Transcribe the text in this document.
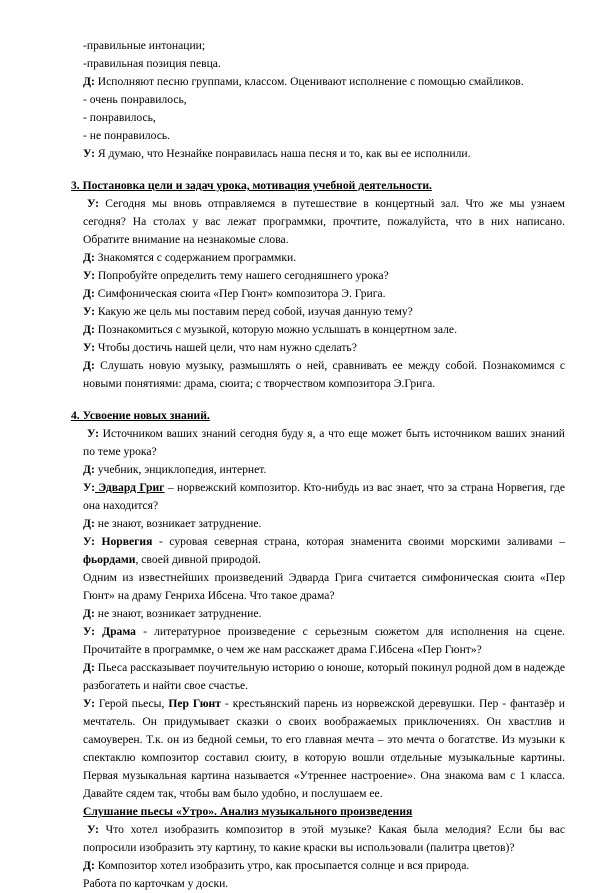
-правильные интонации;

-правильная позиция певца.

Д: Исполняют песню группами, классом. Оценивают исполнение с помощью смайликов.

- очень понравилось,

- понравилось,

- не понравилось.

У: Я думаю, что Незнайке понравилась наша песня и то, как вы ее исполнили.

3. Постановка цели и задач урока, мотивация учебной деятельности.

У: Сегодня мы вновь отправляемся в путешествие в концертный зал. Что же мы узнаем сегодня? На столах у вас лежат программки, прочтите, пожалуйста, что в них написано. Обратите внимание на незнакомые слова.

Д: Знакомятся с содержанием программки.

У: Попробуйте определить тему нашего сегодняшнего урока?

Д: Симфоническая сюита «Пер Гюнт» композитора Э. Грига.

У: Какую же цель мы поставим перед собой, изучая данную тему?

Д: Познакомиться с музыкой, которую можно услышать в концертном зале.

У: Чтобы достичь нашей цели, что нам нужно сделать?

Д: Слушать новую музыку, размышлять о ней, сравнивать ее между собой. Познакомимся с новыми понятиями: драма, сюита; с творчеством композитора Э.Грига.

4. Усвоение новых знаний.

У: Источником ваших знаний сегодня буду я, а что еще может быть источником ваших знаний по теме урока?

Д: учебник, энциклопедия, интернет.

У: Эдвард Григ – норвежский композитор. Кто-нибудь из вас знает, что за страна Норвегия, где она находится?

Д: не знают, возникает затруднение.

У: Норвегия - суровая северная страна, которая знаменита своими морскими заливами – фьордами, своей дивной природой.

Одним из известнейших произведений Эдварда Грига считается симфоническая сюита «Пер Гюнт» на драму Генриха Ибсена. Что такое драма?

Д: не знают, возникает затруднение.

У: Драма - литературное произведение с серьезным сюжетом для исполнения на сцене. Прочитайте в программке, о чем же нам расскажет драма Г.Ибсена «Пер Гюнт»?

Д: Пьеса рассказывает поучительную историю о юноше, который покинул родной дом в надежде разбогатеть и найти свое счастье.

У: Герой пьесы, Пер Гюнт - крестьянский парень из норвежской деревушки. Пер - фантазёр и мечтатель. Он придумывает сказки о своих воображаемых приключениях. Он хвастлив и самоуверен. Т.к. он из бедной семьи, то его главная мечта – это мечта о богатстве. Из музыки к спектаклю композитор составил сюиту, в которую вошли отдельные музыкальные картины. Первая музыкальная картина называется «Утреннее настроение». Она знакома вам с 1 класса. Давайте сядем так, чтобы вам было удобно, и послушаем ее.

Слушание пьесы «Утро». Анализ музыкального произведения

У: Что хотел изобразить композитор в этой музыке? Какая была мелодия? Если бы вас попросили изобразить эту картину, то какие краски вы использовали (палитра цветов)?

Д: Композитор хотел изобразить утро, как просыпается солнце и вся природа.

Работа по карточкам у доски.
